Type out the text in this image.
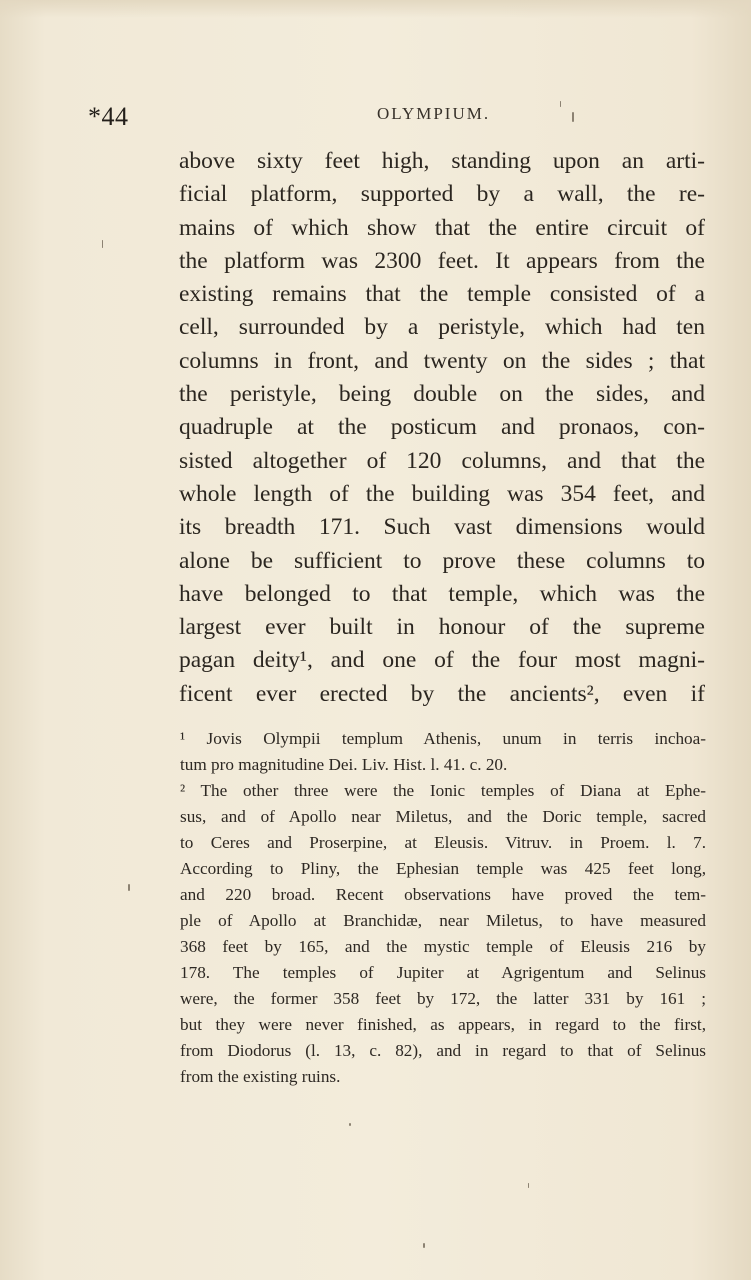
*44	OLYMPIUM.
above sixty feet high, standing upon an arti-
ficial platform, supported by a wall, the re-
mains of which show that the entire circuit of
the platform was 2300 feet. It appears from the
existing remains that the temple consisted of a
cell, surrounded by a peristyle, which had ten
columns in front, and twenty on the sides ; that
the peristyle, being double on the sides, and
quadruple at the posticum and pronaos, con-
sisted altogether of 120 columns, and that the
whole length of the building was 354 feet, and
its breadth 171. Such vast dimensions would
alone be sufficient to prove these columns to
have belonged to that temple, which was the
largest ever built in honour of the supreme
pagan deity¹, and one of the four most magni-
ficent ever erected by the ancients², even if
¹ Jovis Olympii templum Athenis, unum in terris inchoa-
tum pro magnitudine Dei. Liv. Hist. l. 41. c. 20.
² The other three were the Ionic temples of Diana at Ephe-
sus, and of Apollo near Miletus, and the Doric temple, sacred
to Ceres and Proserpine, at Eleusis. Vitruv. in Proem. l. 7.
According to Pliny, the Ephesian temple was 425 feet long,
and 220 broad. Recent observations have proved the tem-
ple of Apollo at Branchidæ, near Miletus, to have measured
368 feet by 165, and the mystic temple of Eleusis 216 by
178. The temples of Jupiter at Agrigentum and Selinus
were, the former 358 feet by 172, the latter 331 by 161 ;
but they were never finished, as appears, in regard to the first,
from Diodorus (l. 13, c. 82), and in regard to that of Selinus
from the existing ruins.
